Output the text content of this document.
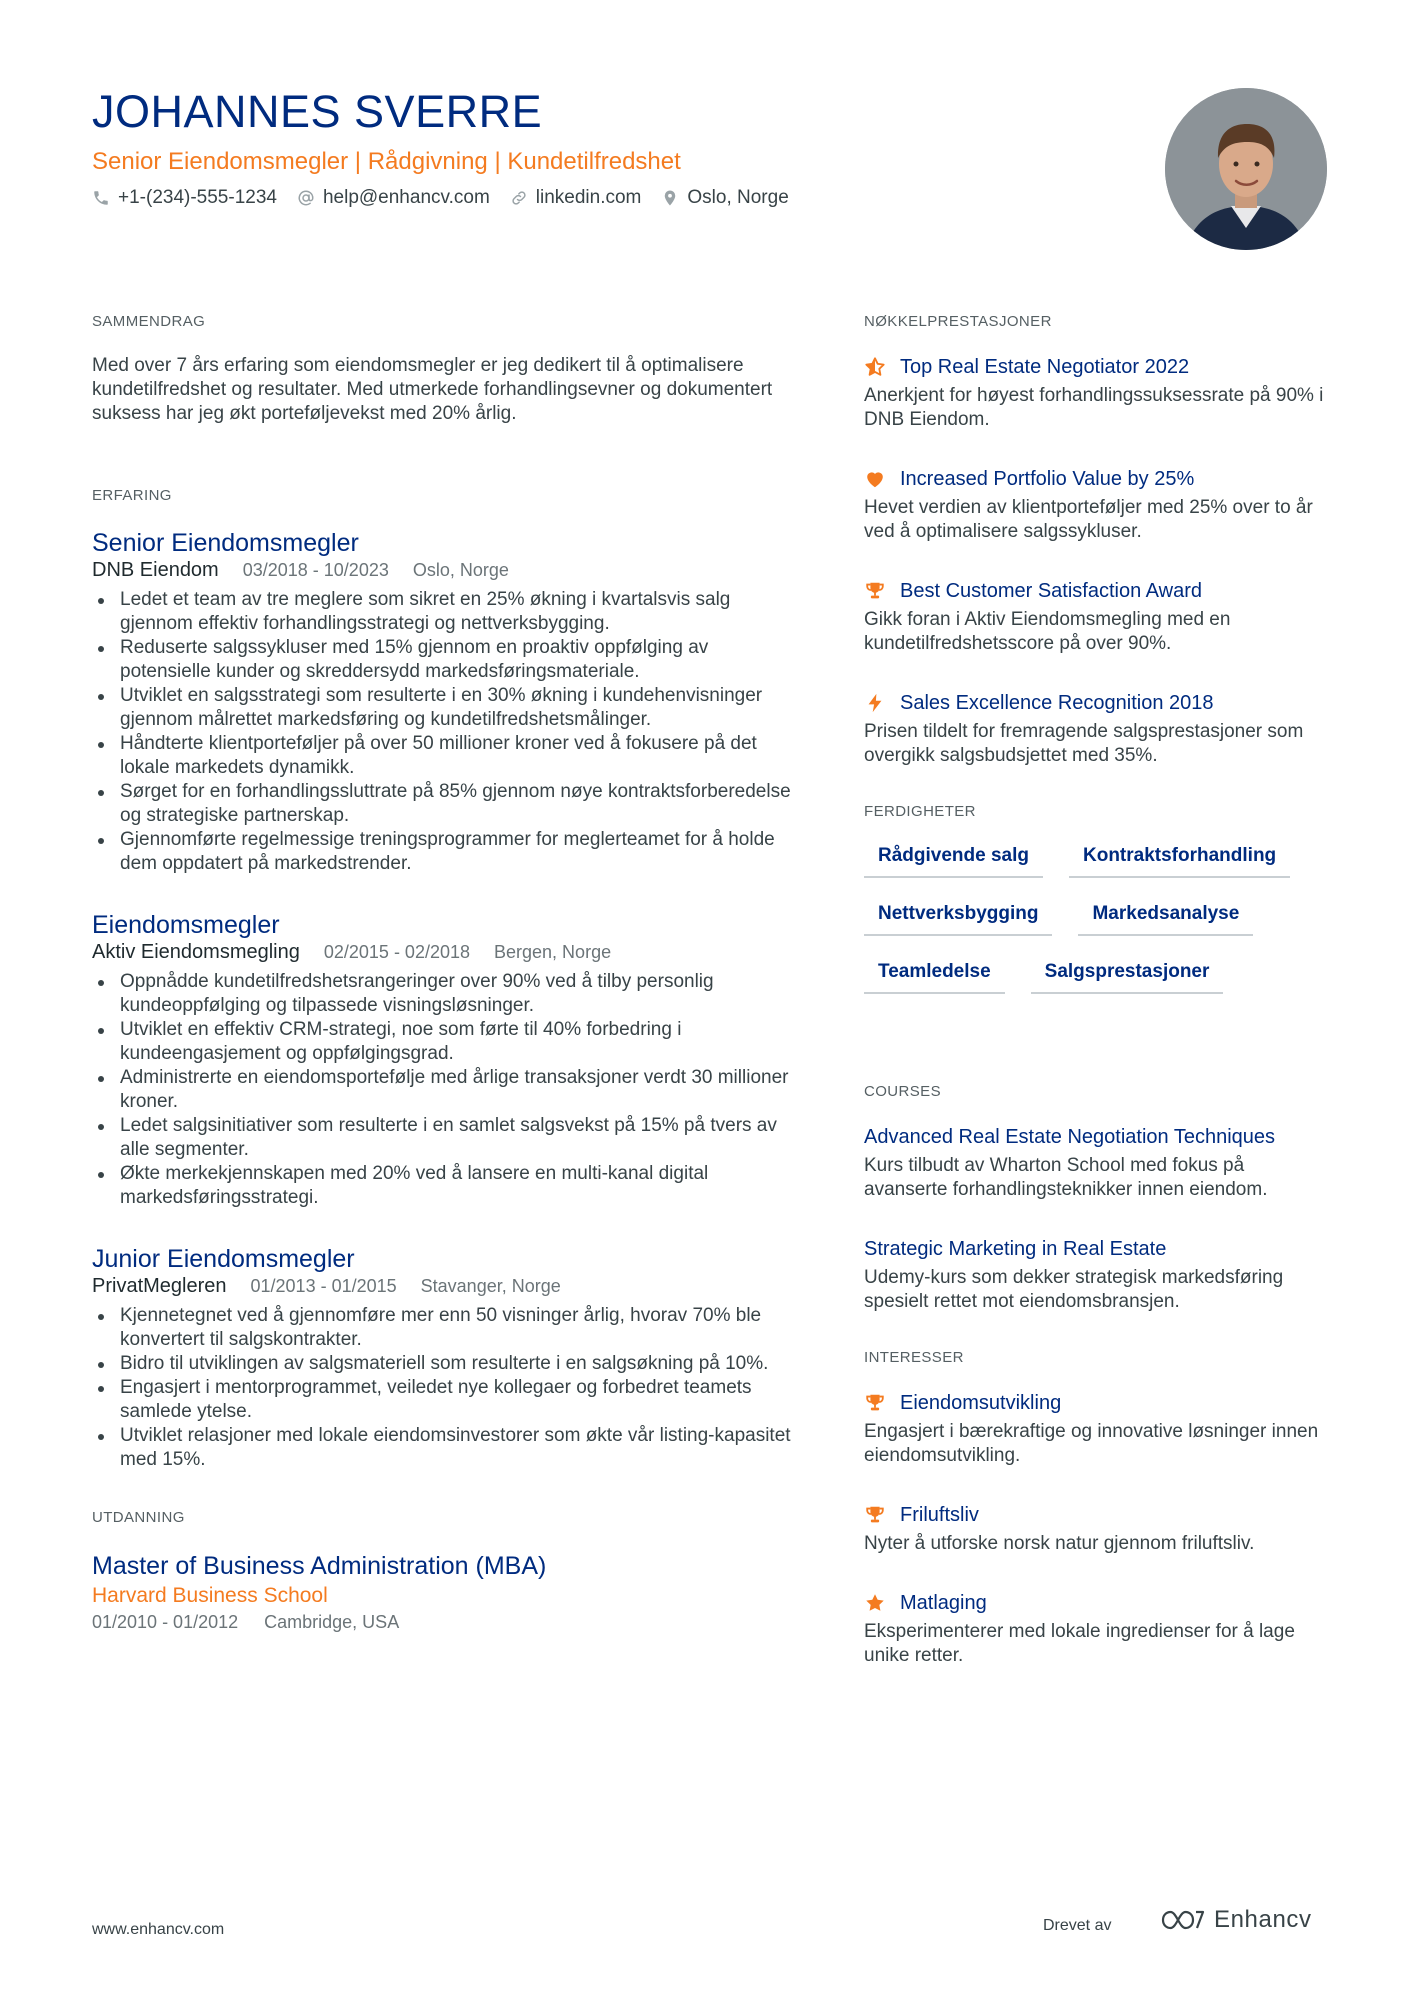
JOHANNES SVERRE
Senior Eiendomsmegler | Rådgivning | Kundetilfredshet
+1-(234)-555-1234 help@enhancv.com linkedin.com Oslo, Norge
SAMMENDRAG

Med over 7 års erfaring som eiendomsmegler er jeg dedikert til å optimalisere kundetilfredshet og resultater. Med utmerkede forhandlingsevner og dokumentert suksess har jeg økt porteføljevekst med 20% årlig.

ERFARING
Senior Eiendomsmegler
DNB Eiendom 03/2018 - 10/2023 Oslo, Norge
Ledet et team av tre meglere som sikret en 25% økning i kvartalsvis salg gjennom effektiv forhandlingsstrategi og nettverksbygging.
Reduserte salgssykluser med 15% gjennom en proaktiv oppfølging av potensielle kunder og skreddersydd markedsføringsmateriale.
Utviklet en salgsstrategi som resulterte i en 30% økning i kundehenvisninger gjennom målrettet markedsføring og kundetilfredshetsmålinger.
Håndterte klientporteføljer på over 50 millioner kroner ved å fokusere på det lokale markedets dynamikk.
Sørget for en forhandlingssluttrate på 85% gjennom nøye kontraktsforberedelse og strategiske partnerskap.
Gjennomførte regelmessige treningsprogrammer for meglerteamet for å holde dem oppdatert på markedstrender.
Eiendomsmegler
Aktiv Eiendomsmegling 02/2015 - 02/2018 Bergen, Norge
Oppnådde kundetilfredshetsrangeringer over 90% ved å tilby personlig kundeoppfølging og tilpassede visningsløsninger.
Utviklet en effektiv CRM-strategi, noe som førte til 40% forbedring i kundeengasjement og oppfølgingsgrad.
Administrerte en eiendomsportefølje med årlige transaksjoner verdt 30 millioner kroner.
Ledet salgsinitiativer som resulterte i en samlet salgsvekst på 15% på tvers av alle segmenter.
Økte merkekjennskapen med 20% ved å lansere en multi-kanal digital markedsføringsstrategi.
Junior Eiendomsmegler
PrivatMegleren 01/2013 - 01/2015 Stavanger, Norge
Kjennetegnet ved å gjennomføre mer enn 50 visninger årlig, hvorav 70% ble konvertert til salgskontrakter.
Bidro til utviklingen av salgsmateriell som resulterte i en salgsøkning på 10%.
Engasjert i mentorprogrammet, veiledet nye kollegaer og forbedret teamets samlede ytelse.
Utviklet relasjoner med lokale eiendomsinvestorer som økte vår listing-kapasitet med 15%.
UTDANNING
Master of Business Administration (MBA)
Harvard Business School
01/2010 - 01/2012 Cambridge, USA
NØKKELPRESTASJONER
Top Real Estate Negotiator 2022
Anerkjent for høyest forhandlingssuksessrate på 90% i DNB Eiendom.
Increased Portfolio Value by 25%
Hevet verdien av klientporteføljer med 25% over to år ved å optimalisere salgssykluser.
Best Customer Satisfaction Award
Gikk foran i Aktiv Eiendomsmegling med en kundetilfredshetsscore på over 90%.
Sales Excellence Recognition 2018
Prisen tildelt for fremragende salgsprestasjoner som overgikk salgsbudsjettet med 35%.
FERDIGHETER
Rådgivende salg	Kontraktsforhandling
Nettverksbygging	Markedsanalyse
Teamledelse	Salgsprestasjoner
COURSES
Advanced Real Estate Negotiation Techniques
Kurs tilbudt av Wharton School med fokus på avanserte forhandlingsteknikker innen eiendom.
Strategic Marketing in Real Estate
Udemy-kurs som dekker strategisk markedsføring spesielt rettet mot eiendomsbransjen.
INTERESSER
Eiendomsutvikling
Engasjert i bærekraftige og innovative løsninger innen eiendomsutvikling.
Friluftsliv
Nyter å utforske norsk natur gjennom friluftsliv.
Matlaging
Eksperimenterer med lokale ingredienser for å lage unike retter.
www.enhancv.com	Drevet av	Enhancv
